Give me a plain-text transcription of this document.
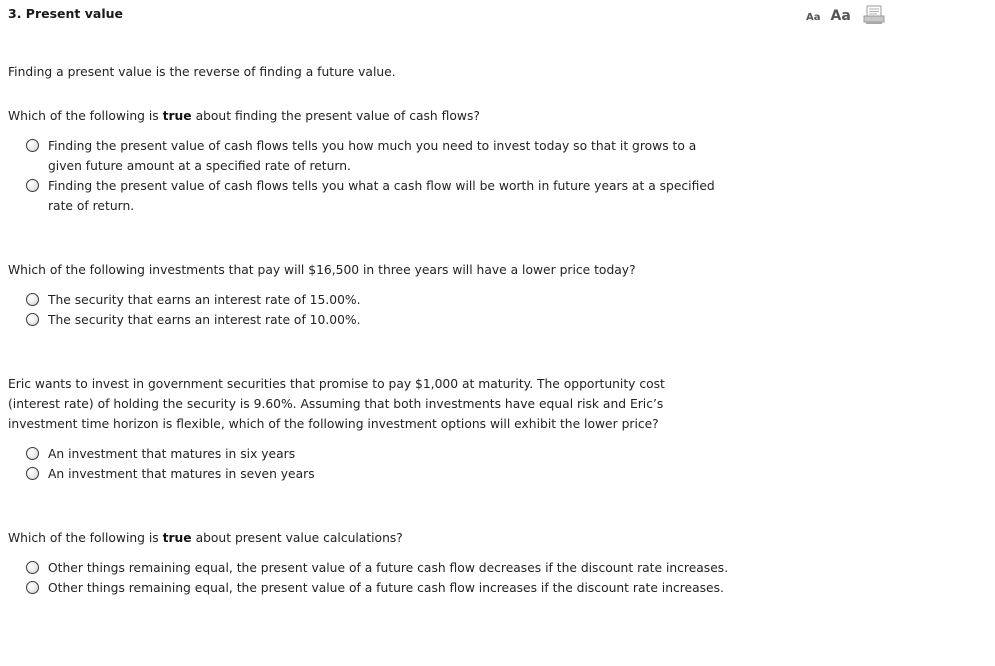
3. Present value	Aa Aa
Finding a present value is the reverse of finding a future value.
Which of the following is true about finding the present value of cash flows?
Finding the present value of cash flows tells you how much you need to invest today so that it grows to a given future amount at a specified rate of return.
Finding the present value of cash flows tells you what a cash flow will be worth in future years at a specified rate of return.
Which of the following investments that pay will $16,500 in three years will have a lower price today?
The security that earns an interest rate of 15.00%.
The security that earns an interest rate of 10.00%.
Eric wants to invest in government securities that promise to pay $1,000 at maturity. The opportunity cost (interest rate) of holding the security is 9.60%. Assuming that both investments have equal risk and Eric’s investment time horizon is flexible, which of the following investment options will exhibit the lower price?
An investment that matures in six years
An investment that matures in seven years
Which of the following is true about present value calculations?
Other things remaining equal, the present value of a future cash flow decreases if the discount rate increases.
Other things remaining equal, the present value of a future cash flow increases if the discount rate increases.
